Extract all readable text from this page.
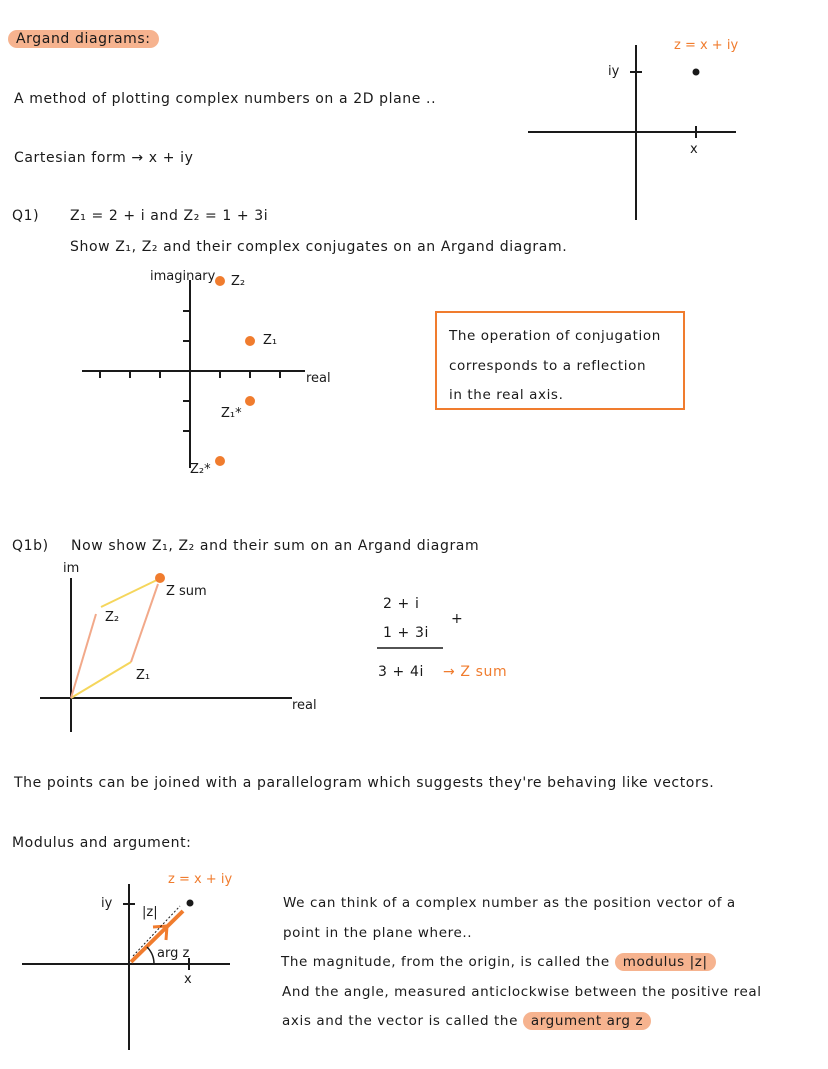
Argand diagrams:
A method of plotting complex numbers on a 2D plane ..
Cartesian form → x + iy
z = x + iy
iy
x
Q1) Z₁ = 2 + i and Z₂ = 1 + 3i
Show Z₁, Z₂ and their complex conjugates on an Argand diagram.
imaginary
real
Z₂
Z₁
Z₁*
Z₂*
The operation of conjugation
corresponds to a reflection
in the real axis.
Q1b) Now show Z₁, Z₂ and their sum on an Argand diagram
im
real
Z sum
Z₂
Z₁
2 + i
1 + 3i
+
3 + 4i → Z sum
The points can be joined with a parallelogram which suggests they're behaving like vectors.
Modulus and argument:
z = x + iy
iy
|z|
arg z
x
We can think of a complex number as the position vector of a
point in the plane where..
The magnitude, from the origin, is called the modulus |z|
And the angle, measured anticlockwise between the positive real
axis and the vector is called the argument arg z
